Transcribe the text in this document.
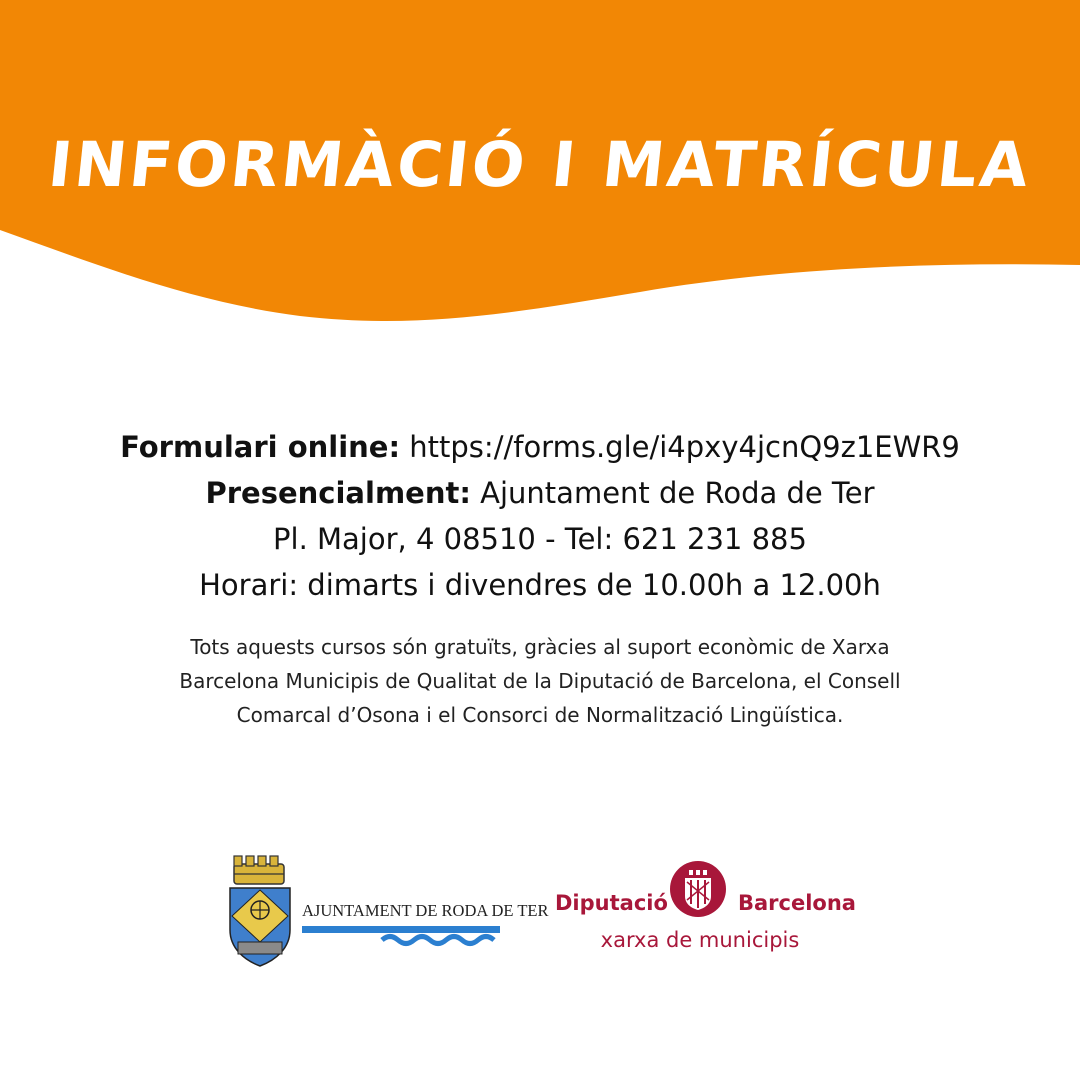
INFORMÀCIÓ I MATRÍCULA
Formulari online: https://forms.gle/i4pxy4jcnQ9z1EWR9
Presencialment: Ajuntament de Roda de Ter
Pl. Major, 4 08510 - Tel: 621 231 885
Horari: dimarts i divendres de 10.00h a 12.00h
Tots aquests cursos són gratuïts, gràcies al suport econòmic de Xarxa Barcelona Municipis de Qualitat de la Diputació de Barcelona, el Consell Comarcal d’Osona i el Consorci de Normalització Lingüística.
AJUNTAMENT DE RODA DE TER Diputació	Barcelona
xarxa de municipis
